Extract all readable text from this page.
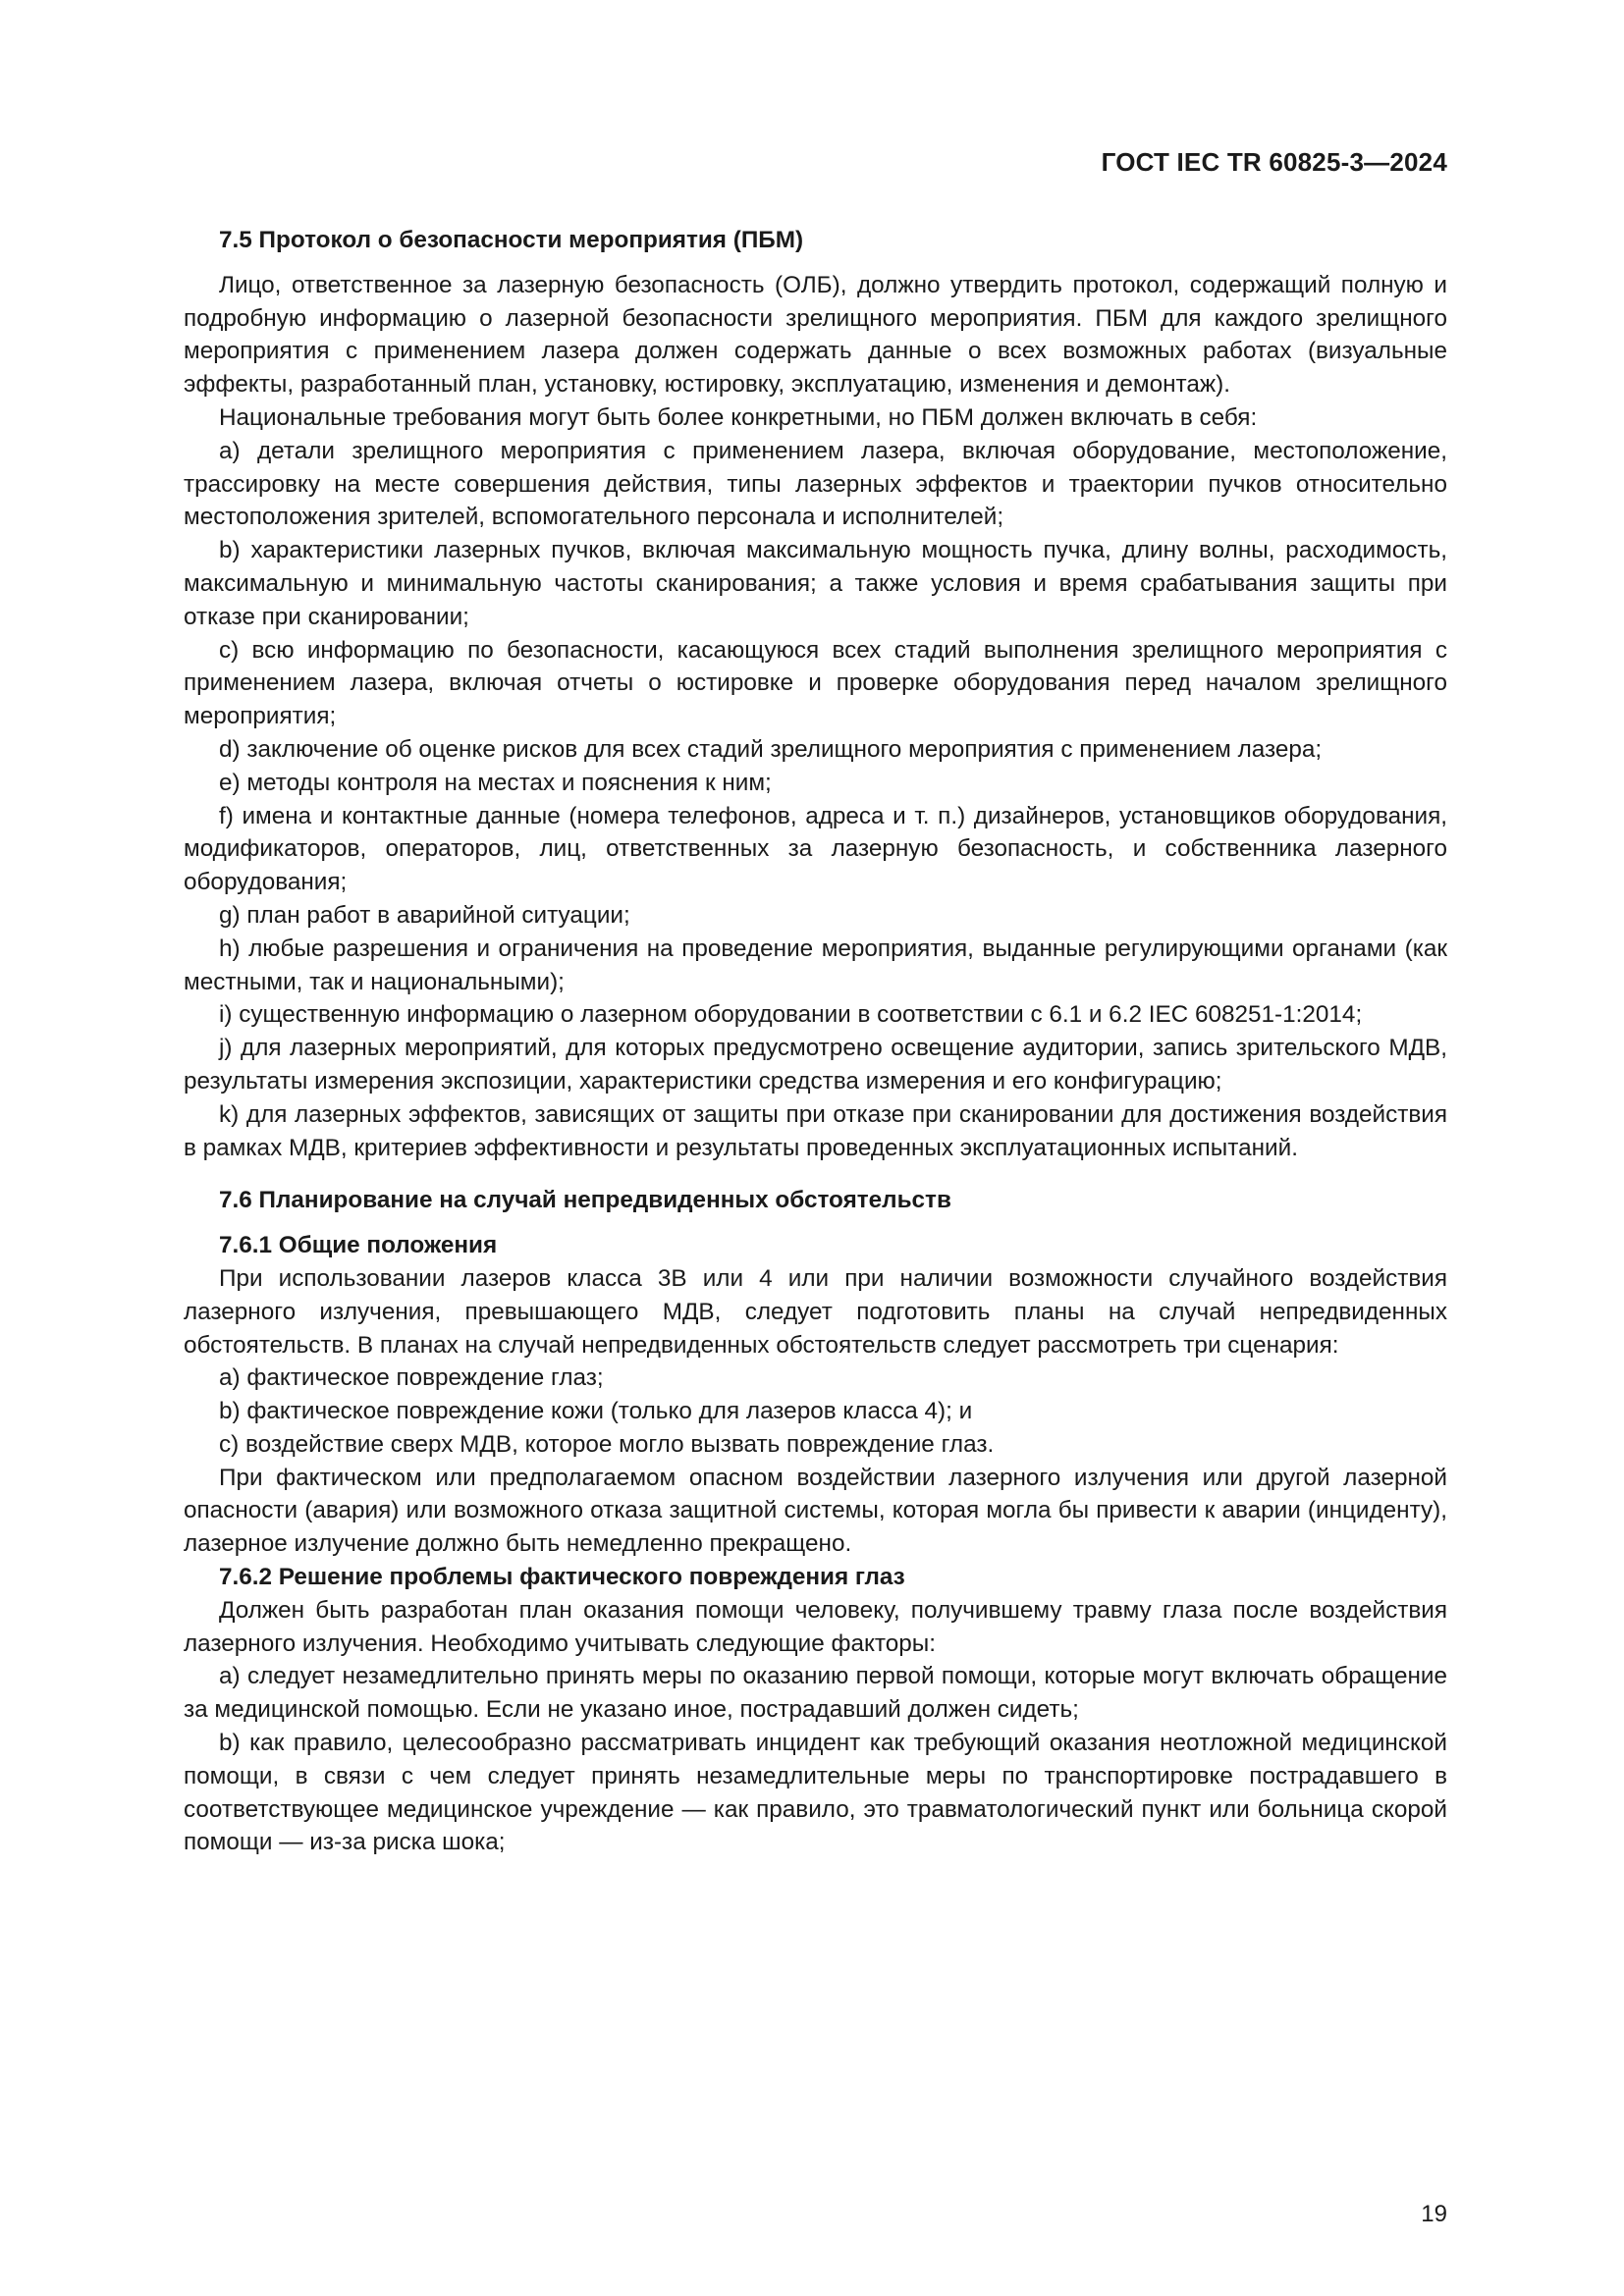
ГОСТ IEC TR 60825-3—2024
7.5 Протокол о безопасности мероприятия (ПБМ)

Лицо, ответственное за лазерную безопасность (ОЛБ), должно утвердить протокол, содержащий полную и подробную информацию о лазерной безопасности зрелищного мероприятия. ПБМ для каждого зрелищного мероприятия с применением лазера должен содержать данные о всех возможных работах (визуальные эффекты, разработанный план, установку, юстировку, эксплуатацию, изменения и демонтаж).

Национальные требования могут быть более конкретными, но ПБМ должен включать в себя:

a) детали зрелищного мероприятия с применением лазера, включая оборудование, местоположение, трассировку на месте совершения действия, типы лазерных эффектов и траектории пучков относительно местоположения зрителей, вспомогательного персонала и исполнителей;

b) характеристики лазерных пучков, включая максимальную мощность пучка, длину волны, расходимость, максимальную и минимальную частоты сканирования; а также условия и время срабатывания защиты при отказе при сканировании;

c) всю информацию по безопасности, касающуюся всех стадий выполнения зрелищного мероприятия с применением лазера, включая отчеты о юстировке и проверке оборудования перед началом зрелищного мероприятия;

d) заключение об оценке рисков для всех стадий зрелищного мероприятия с применением лазера;

e) методы контроля на местах и пояснения к ним;

f) имена и контактные данные (номера телефонов, адреса и т. п.) дизайнеров, установщиков оборудования, модификаторов, операторов, лиц, ответственных за лазерную безопасность, и собственника лазерного оборудования;

g) план работ в аварийной ситуации;

h) любые разрешения и ограничения на проведение мероприятия, выданные регулирующими органами (как местными, так и национальными);

i) существенную информацию о лазерном оборудовании в соответствии с 6.1 и 6.2 IEC 608251-1:2014;

j) для лазерных мероприятий, для которых предусмотрено освещение аудитории, запись зрительского МДВ, результаты измерения экспозиции, характеристики средства измерения и его конфигурацию;

k) для лазерных эффектов, зависящих от защиты при отказе при сканировании для достижения воздействия в рамках МДВ, критериев эффективности и результаты проведенных эксплуатационных испытаний.

7.6 Планирование на случай непредвиденных обстоятельств
7.6.1 Общие положения

При использовании лазеров класса 3B или 4 или при наличии возможности случайного воздействия лазерного излучения, превышающего МДВ, следует подготовить планы на случай непредвиденных обстоятельств. В планах на случай непредвиденных обстоятельств следует рассмотреть три сценария:

a) фактическое повреждение глаз;

b) фактическое повреждение кожи (только для лазеров класса 4); и

c) воздействие сверх МДВ, которое могло вызвать повреждение глаз.

При фактическом или предполагаемом опасном воздействии лазерного излучения или другой лазерной опасности (авария) или возможного отказа защитной системы, которая могла бы привести к аварии (инциденту), лазерное излучение должно быть немедленно прекращено.

7.6.2 Решение проблемы фактического повреждения глаз

Должен быть разработан план оказания помощи человеку, получившему травму глаза после воздействия лазерного излучения. Необходимо учитывать следующие факторы:

a) следует незамедлительно принять меры по оказанию первой помощи, которые могут включать обращение за медицинской помощью. Если не указано иное, пострадавший должен сидеть;

b) как правило, целесообразно рассматривать инцидент как требующий оказания неотложной медицинской помощи, в связи с чем следует принять незамедлительные меры по транспортировке пострадавшего в соответствующее медицинское учреждение — как правило, это травматологический пункт или больница скорой помощи — из-за риска шока;

19
